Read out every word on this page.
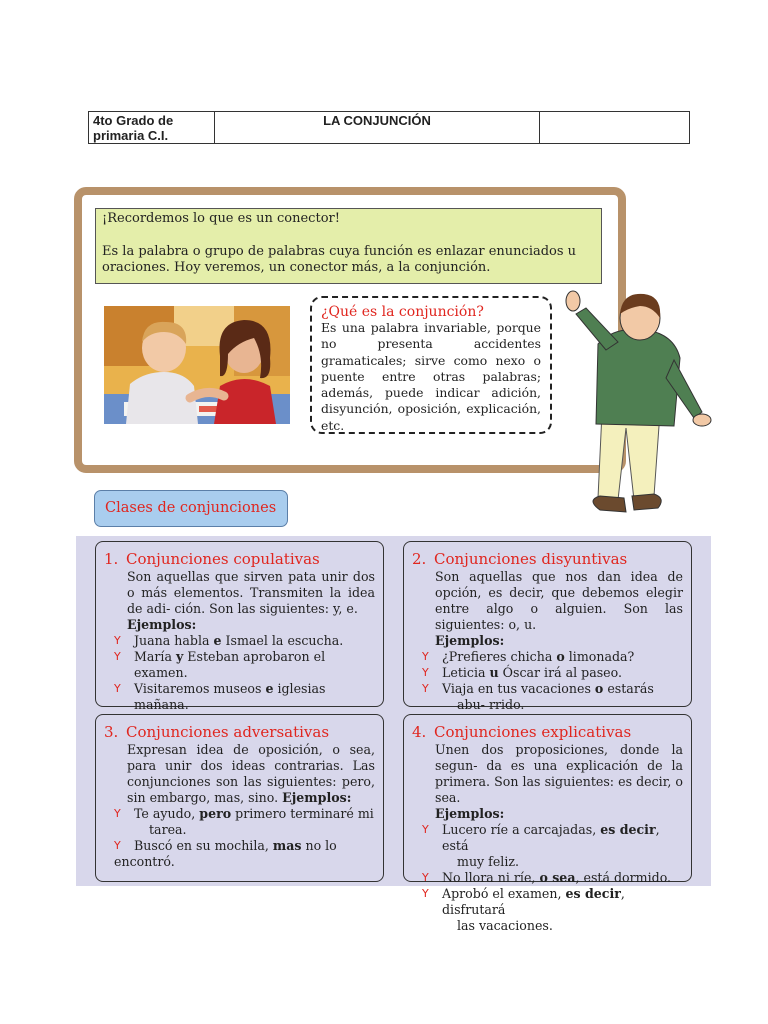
4to Grado de primaria C.I.
LA CONJUNCIÓN

¡Recordemos lo que es un conector!

Es la palabra o grupo de palabras cuya función es enlazar enunciados u oraciones. Hoy veremos, un conector más, a la conjunción.

¿Qué es la conjunción?
Es una palabra invariable, porque no presenta accidentes gramaticales; sirve como nexo o puente entre otras palabras; además, puede indicar adición, disyunción, oposición, explicación, etc.
Clases de conjunciones
1. Conjunciones copulativas
Son aquellas que sirven pata unir dos o más elementos. Transmiten la idea de adi- ción. Son las siguientes: y, e.
Ejemplos:
Y Juana habla e Ismael la escucha.
Y María y Esteban aprobaron el examen.
Y Visitaremos museos e iglesias mañana.
2. Conjunciones disyuntivas
Son aquellas que nos dan idea de opción, es decir, que debemos elegir entre algo o alguien. Son las siguientes: o, u.
Ejemplos:
Y ¿Prefieres chicha o limonada?
Y Leticia u Óscar irá al paseo.
Y Viaja en tus vacaciones o estarás
abu- rrido.
3. Conjunciones adversativas
Expresan idea de oposición, o sea, para unir dos ideas contrarias. Las conjunciones son las siguientes: pero, sin embargo, mas, sino. Ejemplos:
Y Te ayudo, pero primero terminaré mi
tarea.
Y Buscó en su mochila, mas no lo
encontró.
4. Conjunciones explicativas
Unen dos proposiciones, donde la segun- da es una explicación de la primera. Son las siguientes: es decir, o sea.
Ejemplos:
Y Lucero ríe a carcajadas, es decir, está
muy feliz.
Y No llora ni ríe, o sea, está dormido.
Y Aprobó el examen, es decir, disfrutará
las vacaciones.
